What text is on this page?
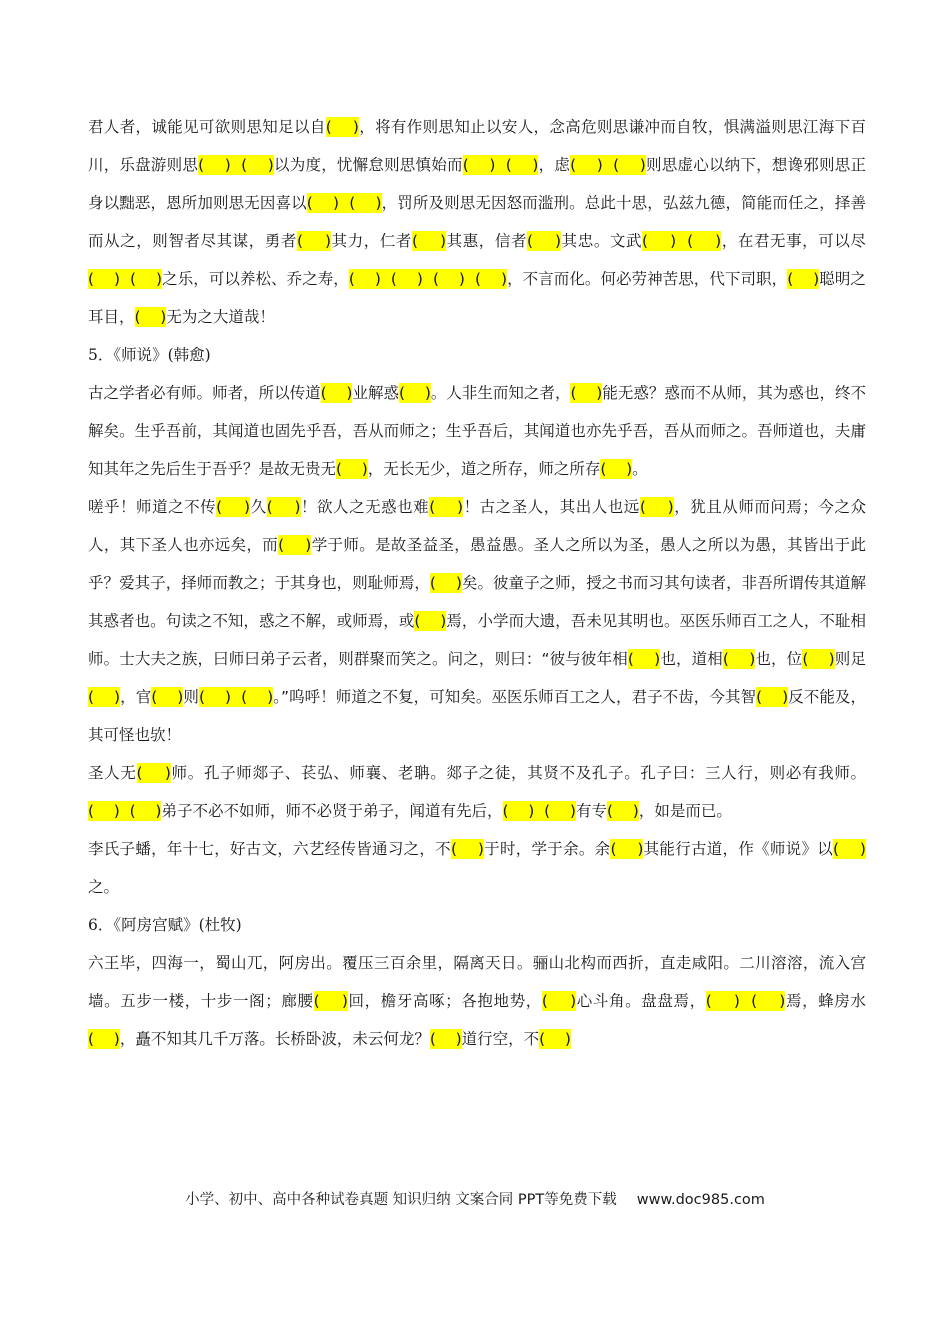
君人者，诚能见可欲则思知足以自(    )，将有作则思知止以安人，念高危则思谦冲而自牧，惧满溢则思江海下百川，乐盘游则思(    ) (    )以为度，忧懈怠则思慎始而(    ) (    )，虑(    ) (    )则思虚心以纳下，想谗邪则思正身以黜恶，恩所加则思无因喜以(    ) (    )，罚所及则思无因怒而滥刑。总此十思，弘兹九德，简能而任之，择善而从之，则智者尽其谋，勇者(    )其力，仁者(    )其惠，信者(    )其忠。文武(    ) (    )，在君无事，可以尽(    ) (    )之乐，可以养松、乔之寿，(    ) (    ) (    ) (    )，不言而化。何必劳神苦思，代下司职，(    )聪明之耳目，(    )无为之大道哉！

5．《师说》(韩愈)

古之学者必有师。师者，所以传道(    )业解惑(    )。人非生而知之者，(    )能无惑？惑而不从师，其为惑也，终不解矣。生乎吾前，其闻道也固先乎吾，吾从而师之；生乎吾后，其闻道也亦先乎吾，吾从而师之。吾师道也，夫庸知其年之先后生于吾乎？是故无贵无(    )，无长无少，道之所存，师之所存(    )。

嗟乎！师道之不传(    )久(    )！欲人之无惑也难(    )！古之圣人，其出人也远(    )，犹且从师而问焉；今之众人，其下圣人也亦远矣，而(    )学于师。是故圣益圣，愚益愚。圣人之所以为圣，愚人之所以为愚，其皆出于此乎？爱其子，择师而教之；于其身也，则耻师焉，(    )矣。彼童子之师，授之书而习其句读者，非吾所谓传其道解其惑者也。句读之不知，惑之不解，或师焉，或(    )焉，小学而大遗，吾未见其明也。巫医乐师百工之人，不耻相师。士大夫之族，曰师曰弟子云者，则群聚而笑之。问之，则曰：“彼与彼年相(    )也，道相(    )也，位(    )则足(    )，官(    )则(    ) (    )。”呜呼！师道之不复，可知矣。巫医乐师百工之人，君子不齿，今其智(    )反不能及，其可怪也欤！

圣人无(    )师。孔子师郯子、苌弘、师襄、老聃。郯子之徒，其贤不及孔子。孔子曰：三人行，则必有我师。(    ) (    )弟子不必不如师，师不必贤于弟子，闻道有先后，(    ) (    )有专(    )，如是而已。

李氏子蟠，年十七，好古文，六艺经传皆通习之，不(    )于时，学于余。余(    )其能行古道，作《师说》以(    )之。

6．《阿房宫赋》(杜牧)

六王毕，四海一，蜀山兀，阿房出。覆压三百余里，隔离天日。骊山北构而西折，直走咸阳。二川溶溶，流入宫墙。五步一楼，十步一阁；廊腰(    )回，檐牙高啄；各抱地势，(    )心斗角。盘盘焉，(    ) (    )焉，蜂房水(    )，矗不知其几千万落。长桥卧波，未云何龙？(    )道行空，不(    )

小学、初中、高中各种试卷真题 知识归纳 文案合同 PPT等免费下载 www.doc985.com
